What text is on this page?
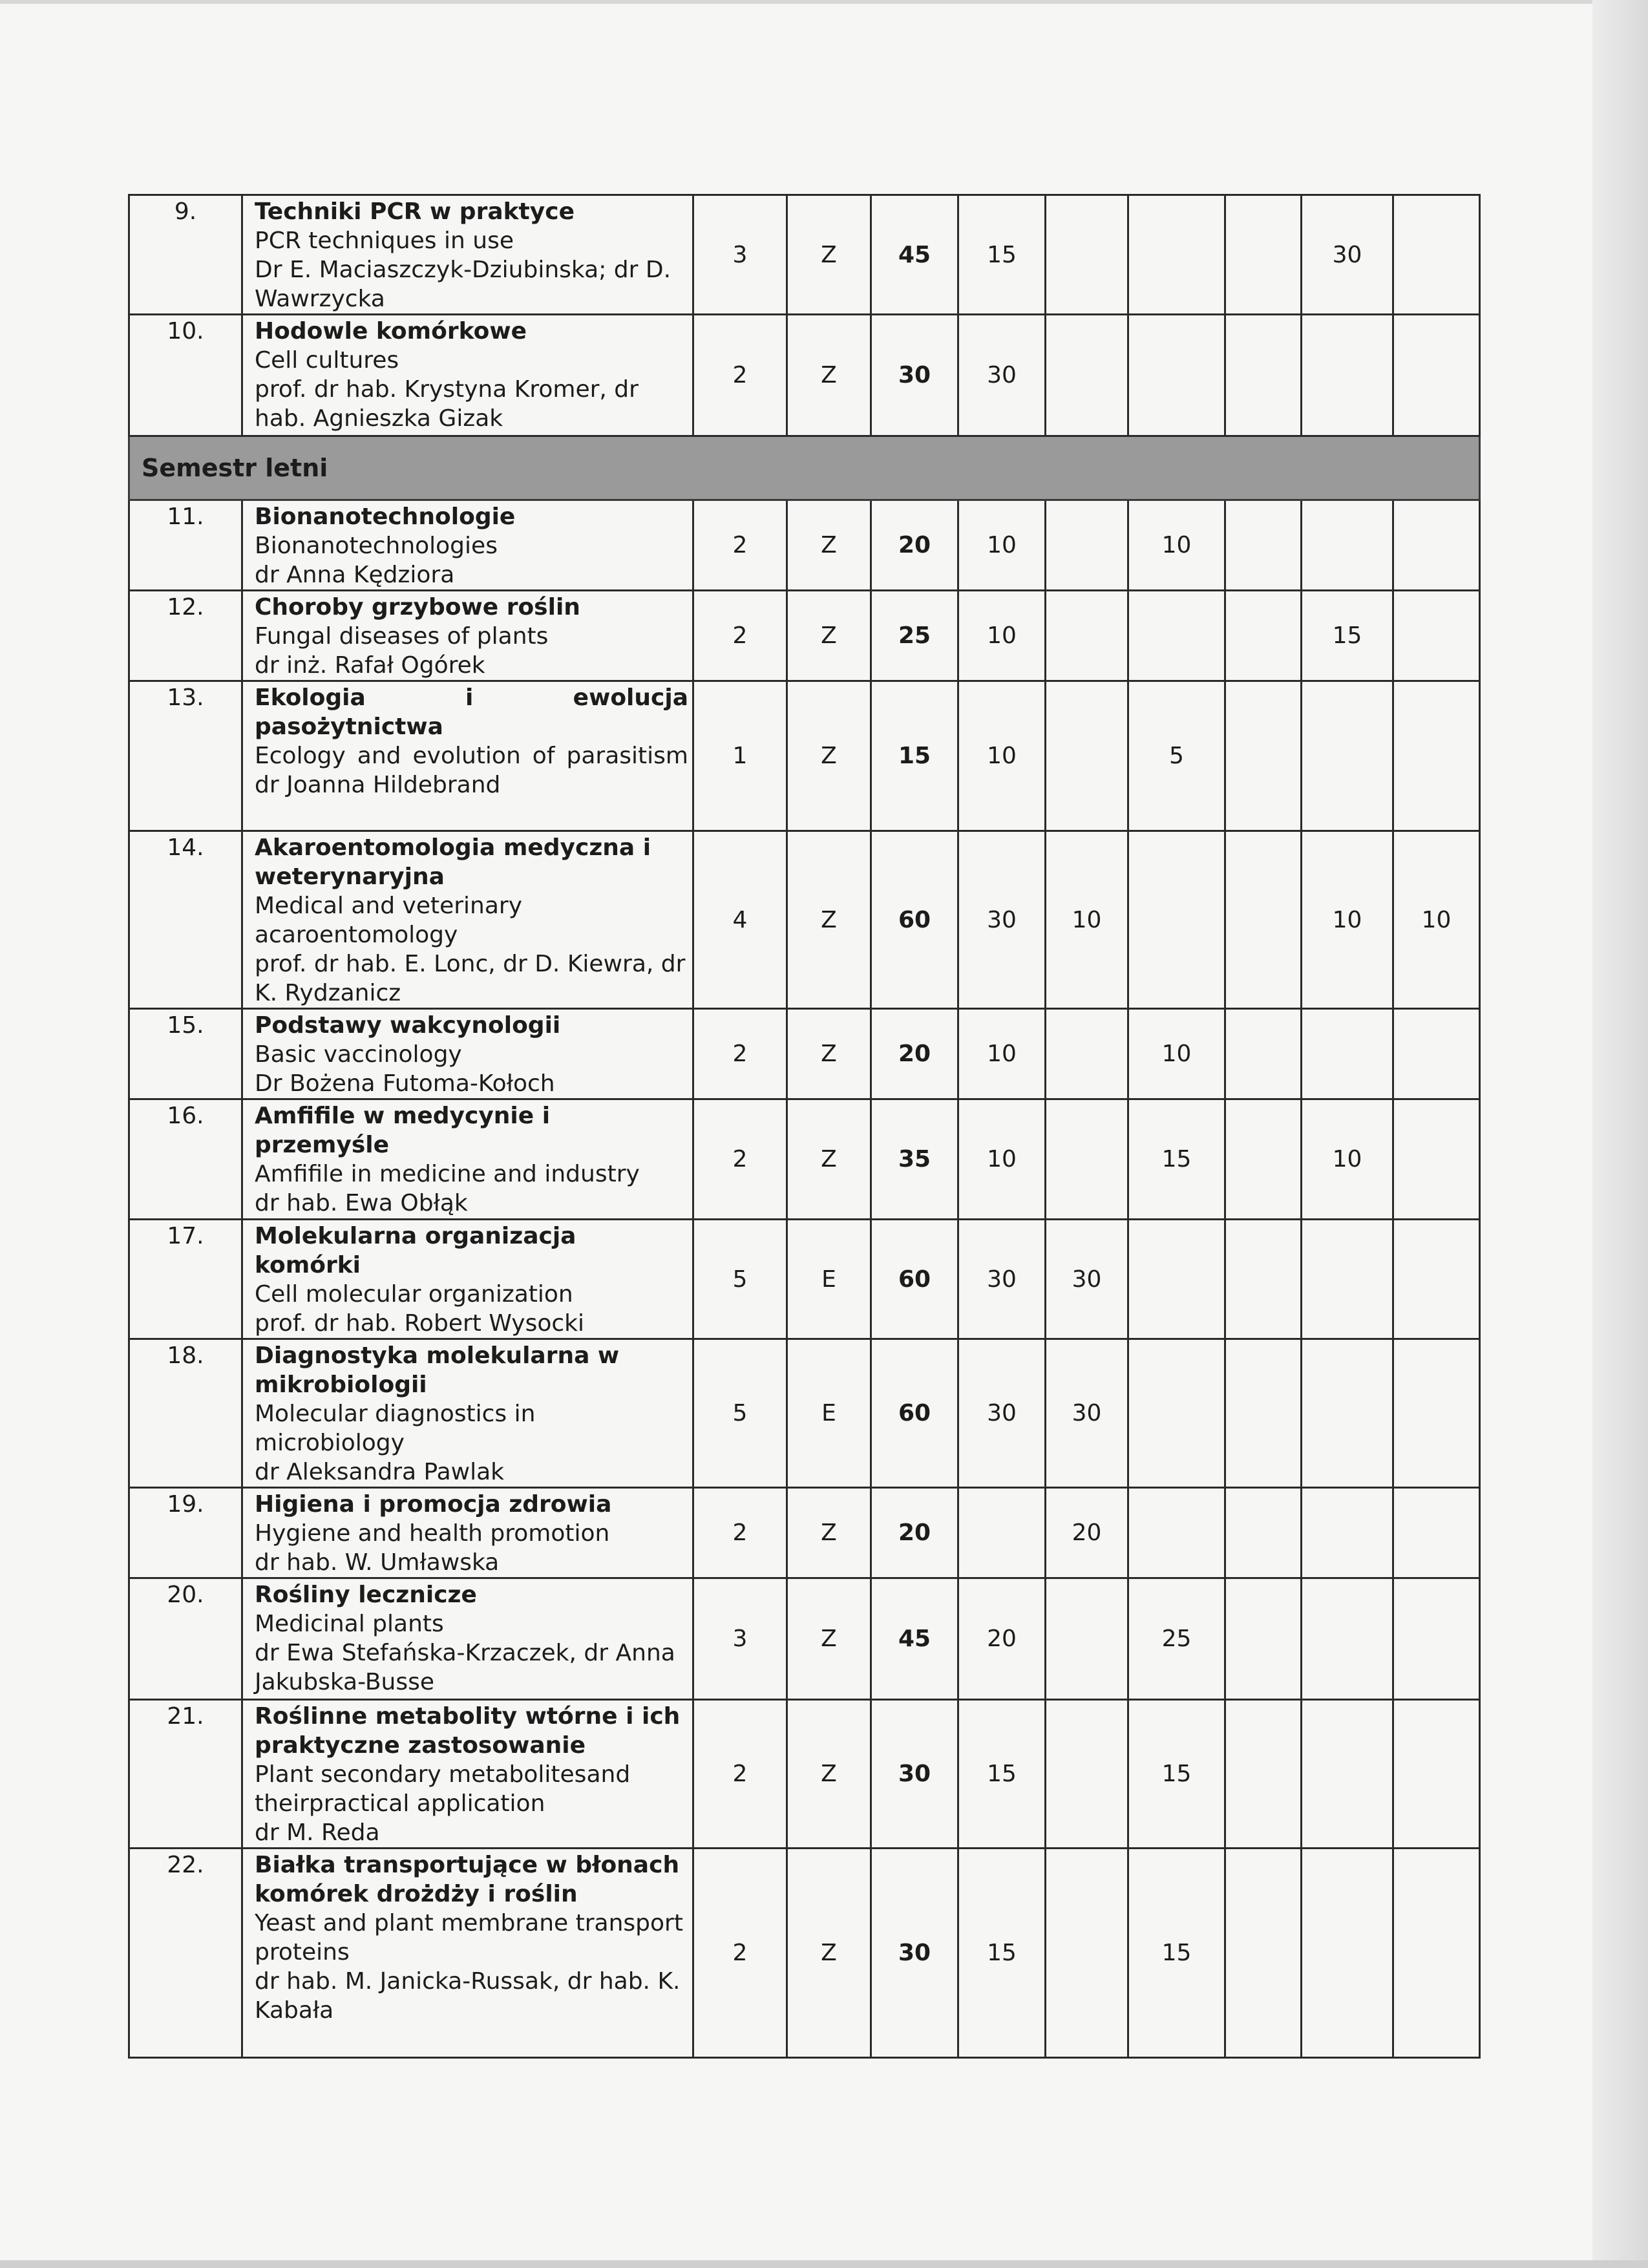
9.	Techniki PCR w praktyce
PCR techniques in use
Dr E. Maciaszczyk-Dziubinska; dr D. Wawrzycka	3	Z	45	15				30	
10.	Hodowle komórkowe
Cell cultures
prof. dr hab. Krystyna Kromer, dr hab. Agnieszka Gizak	2	Z	30	30					
Semestr letni										
11.	Bionanotechnologie
Bionanotechnologies
dr Anna Kędziora	2	Z	20	10		10			
12.	Choroby grzybowe roślin
Fungal diseases of plants
dr inż. Rafał Ogórek	2	Z	25	10				15	
13.	Ekologia i ewolucja pasożytnictwa
Ecology and evolution of parasitism
dr Joanna Hildebrand	1	Z	15	10		5			
14.	Akaroentomologia medyczna i weterynaryjna
Medical and veterinary acaroentomology
prof. dr hab. E. Lonc, dr D. Kiewra, dr K. Rydzanicz	4	Z	60	30	10			10	10
15.	Podstawy wakcynologii
Basic vaccinology
Dr Bożena Futoma-Kołoch	2	Z	20	10		10			
16.	Amfifile w medycynie i przemyśle
Amfifile in medicine and industry
dr hab. Ewa Obłąk	2	Z	35	10		15		10	
17.	Molekularna organizacja komórki
Cell molecular organization
prof. dr hab. Robert Wysocki	5	E	60	30	30				
18.	Diagnostyka molekularna w mikrobiologii
Molecular diagnostics in microbiology
dr Aleksandra Pawlak	5	E	60	30	30				
19.	Higiena i promocja zdrowia
Hygiene and health promotion
dr hab. W. Umławska	2	Z	20		20				
20.	Rośliny lecznicze
Medicinal plants
dr Ewa Stefańska-Krzaczek, dr Anna Jakubska-Busse	3	Z	45	20		25			
21.	Roślinne metabolity wtórne i ich praktyczne zastosowanie
Plant secondary metabolitesand theirpractical application
dr M. Reda	2	Z	30	15		15			
22.	Białka transportujące w błonach komórek drożdży i roślin
Yeast and plant membrane transport proteins
dr hab. M. Janicka-Russak, dr hab. K. Kabała	2	Z	30	15		15			
